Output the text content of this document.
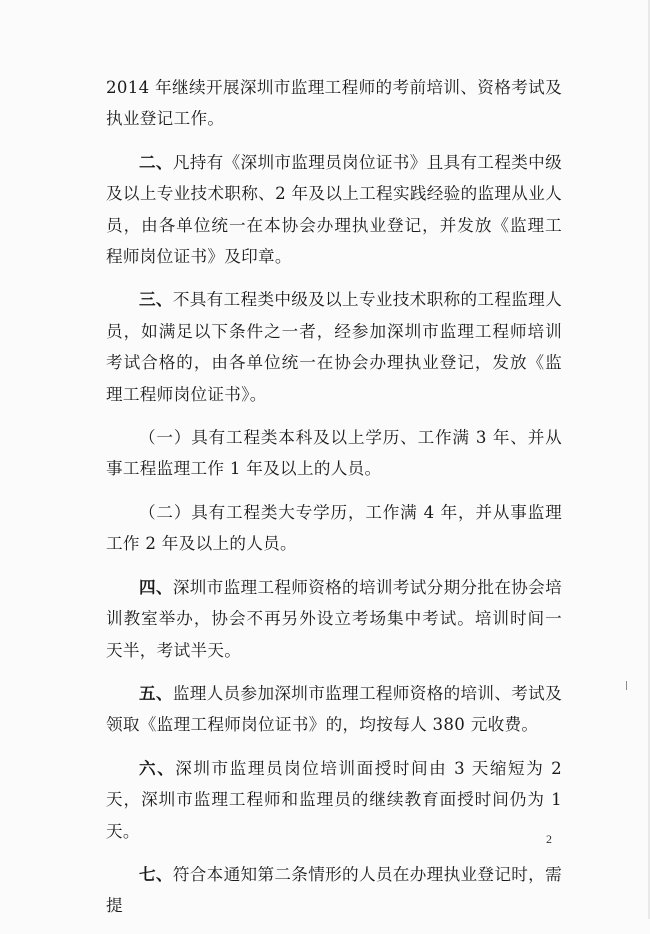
2014 年继续开展深圳市监理工程师的考前培训、资格考试及执业登记工作。

二、凡持有《深圳市监理员岗位证书》且具有工程类中级及以上专业技术职称、2 年及以上工程实践经验的监理从业人员，由各单位统一在本协会办理执业登记，并发放《监理工程师岗位证书》及印章。

三、不具有工程类中级及以上专业技术职称的工程监理人员，如满足以下条件之一者，经参加深圳市监理工程师培训考试合格的，由各单位统一在协会办理执业登记，发放《监理工程师岗位证书》。

（一）具有工程类本科及以上学历、工作满 3 年、并从事工程监理工作 1 年及以上的人员。

（二）具有工程类大专学历，工作满 4 年，并从事监理工作 2 年及以上的人员。

四、深圳市监理工程师资格的培训考试分期分批在协会培训教室举办，协会不再另外设立考场集中考试。培训时间一天半，考试半天。

五、监理人员参加深圳市监理工程师资格的培训、考试及领取《监理工程师岗位证书》的，均按每人 380 元收费。

六、深圳市监理员岗位培训面授时间由 3 天缩短为 2 天，深圳市监理工程师和监理员的继续教育面授时间仍为 1 天。

七、符合本通知第二条情形的人员在办理执业登记时，需提

2
